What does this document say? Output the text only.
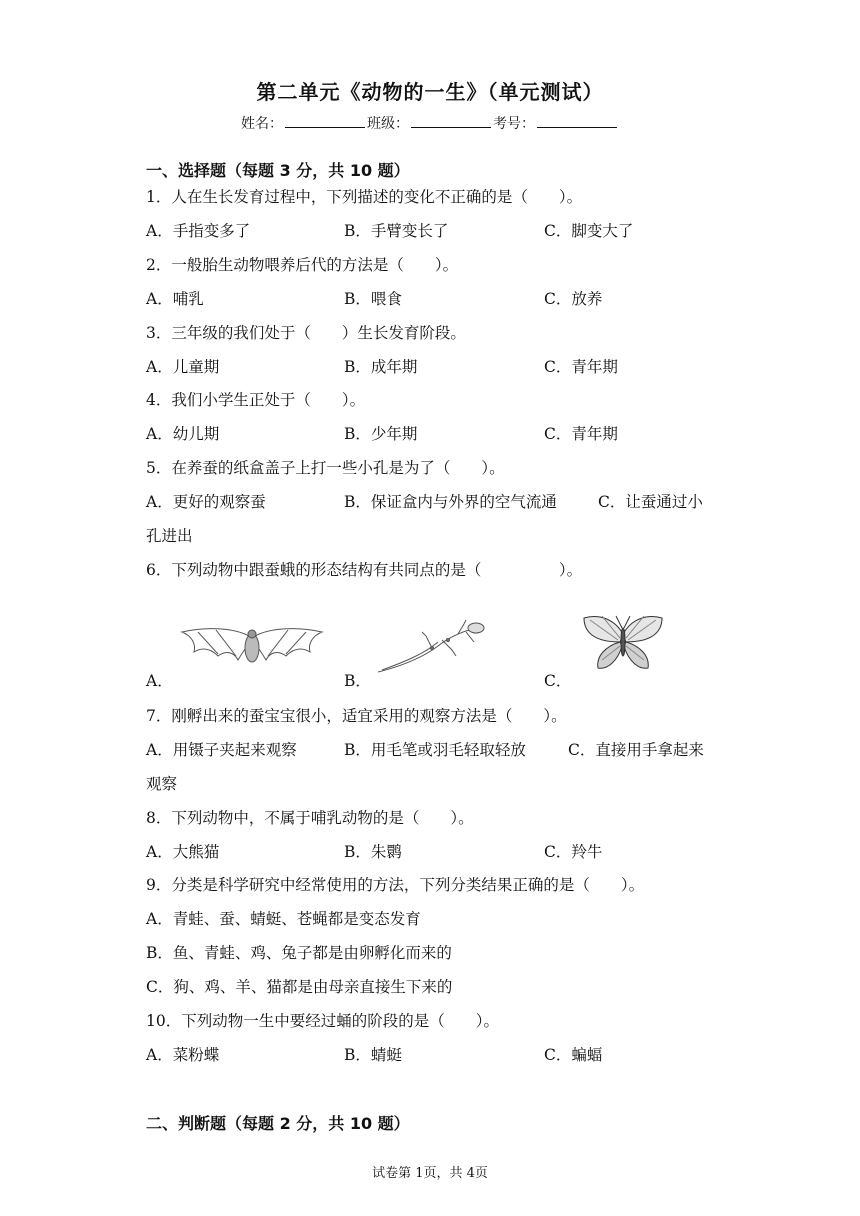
第二单元《动物的一生》（单元测试）
姓名：	班级：	考号：
一、选择题（每题 3 分，共 10 题）
1．人在生长发育过程中，下列描述的变化不正确的是（　　）。
A．手指变多了	B．手臂变长了	C．脚变大了
2．一般胎生动物喂养后代的方法是（　　）。
A．哺乳	B．喂食	C．放养
3．三年级的我们处于（　　）生长发育阶段。
A．儿童期	B．成年期	C．青年期
4．我们小学生正处于（　　）。
A．幼儿期	B．少年期	C．青年期
5．在养蚕的纸盒盖子上打一些小孔是为了（　　）。
A．更好的观察蚕	B．保证盒内与外界的空气流通	C．让蚕通过小
孔进出
6．下列动物中跟蚕蛾的形态结构有共同点的是（　　　　　）。
A．	B．	C．
7．刚孵出来的蚕宝宝很小，适宜采用的观察方法是（　　）。
A．用镊子夹起来观察	B．用毛笔或羽毛轻取轻放	C．直接用手拿起来
观察
8．下列动物中，不属于哺乳动物的是（　　）。
A．大熊猫	B．朱鹮	C．羚牛
9．分类是科学研究中经常使用的方法，下列分类结果正确的是（　　）。
A．青蛙、蚕、蜻蜓、苍蝇都是变态发育
B．鱼、青蛙、鸡、兔子都是由卵孵化而来的
C．狗、鸡、羊、猫都是由母亲直接生下来的
10．下列动物一生中要经过蛹的阶段的是（　　）。
A．菜粉蝶	B．蜻蜓	C．蝙蝠
二、判断题（每题 2 分，共 10 题）
试卷第 1页，共 4页
